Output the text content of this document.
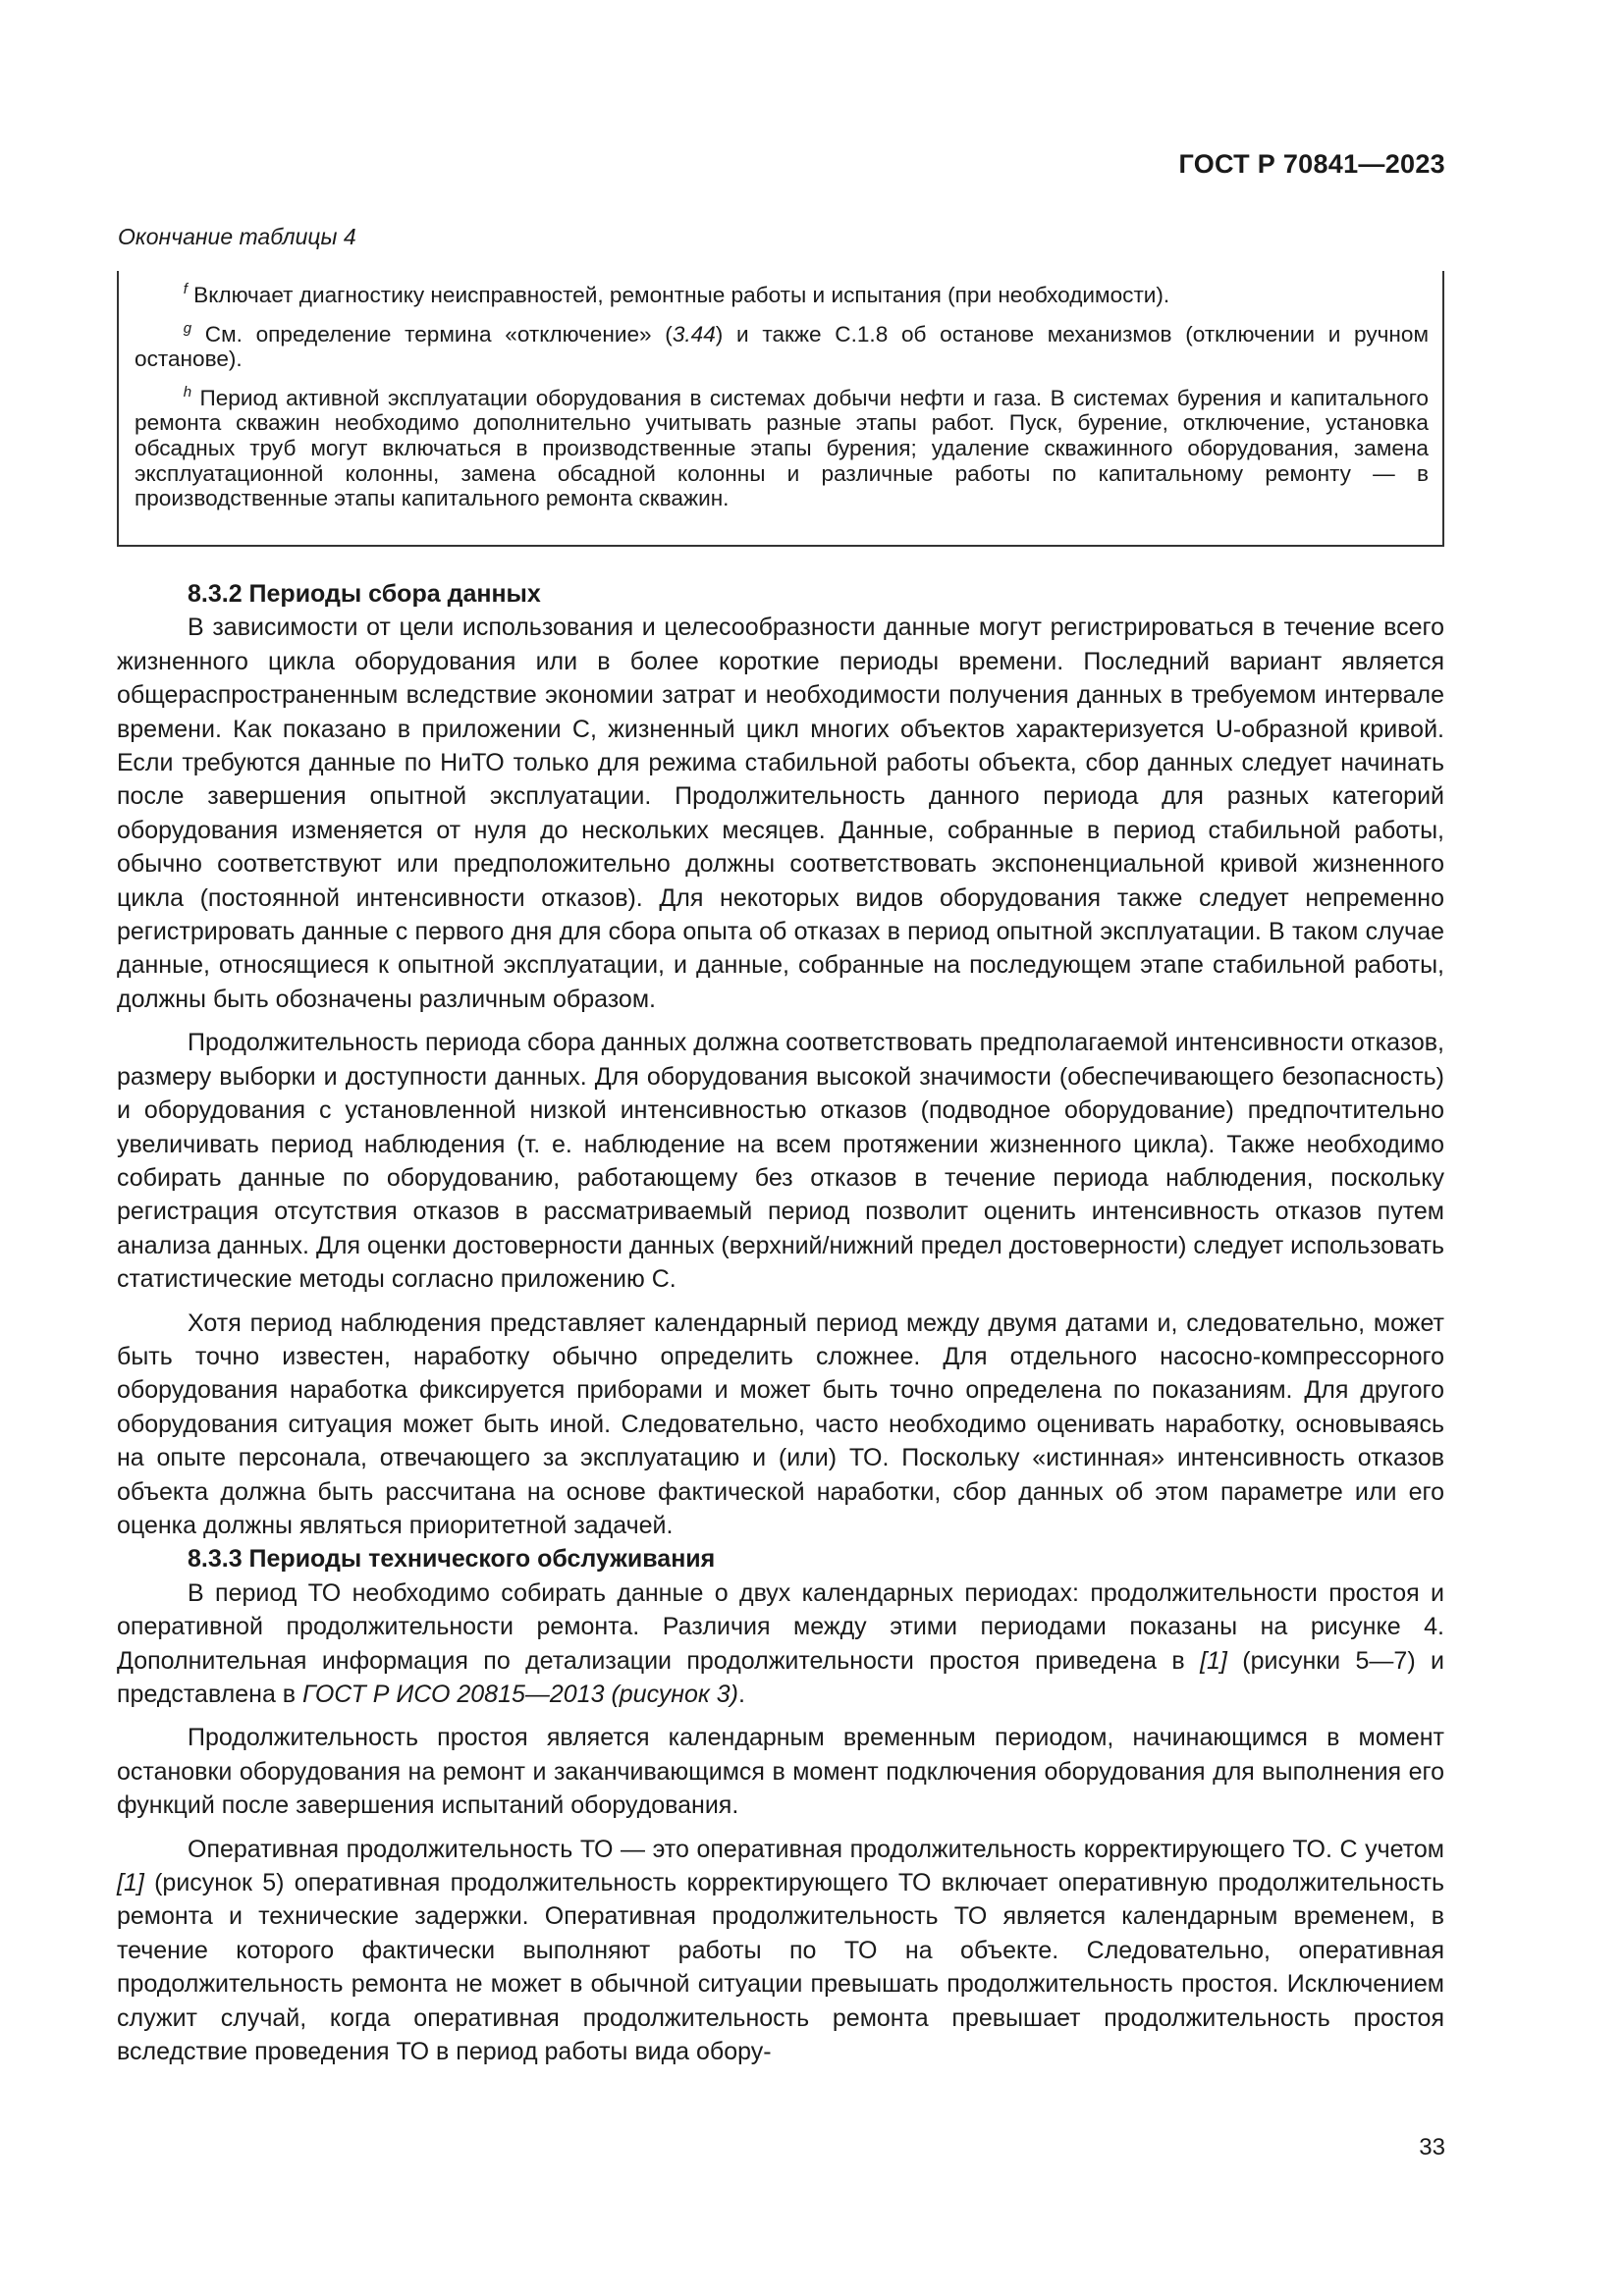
ГОСТ Р 70841—2023
Окончание таблицы 4

$^f$ Включает диагностику неисправностей, ремонтные работы и испытания (при необходимости).

$^g$ См. определение термина «отключение» (3.44) и также С.1.8 об останове механизмов (отключении и ручном останове).

$^h$ Период активной эксплуатации оборудования в системах добычи нефти и газа. В системах бурения и капитального ремонта скважин необходимо дополнительно учитывать разные этапы работ. Пуск, бурение, отключение, установка обсадных труб могут включаться в производственные этапы бурения; удаление скважинного оборудования, замена эксплуатационной колонны, замена обсадной колонны и различные работы по капитальному ремонту — в производственные этапы капитального ремонта скважин.

8.3.2 Периоды сбора данных

В зависимости от цели использования и целесообразности данные могут регистрироваться в течение всего жизненного цикла оборудования или в более короткие периоды времени. Последний вариант является общераспространенным вследствие экономии затрат и необходимости получения данных в требуемом интервале времени. Как показано в приложении С, жизненный цикл многих объектов характеризуется U-образной кривой. Если требуются данные по НиТО только для режима стабильной работы объекта, сбор данных следует начинать после завершения опытной эксплуатации. Продолжительность данного периода для разных категорий оборудования изменяется от нуля до нескольких месяцев. Данные, собранные в период стабильной работы, обычно соответствуют или предположительно должны соответствовать экспоненциальной кривой жизненного цикла (постоянной интенсивности отказов). Для некоторых видов оборудования также следует непременно регистрировать данные с первого дня для сбора опыта об отказах в период опытной эксплуатации. В таком случае данные, относящиеся к опытной эксплуатации, и данные, собранные на последующем этапе стабильной работы, должны быть обозначены различным образом.

Продолжительность периода сбора данных должна соответствовать предполагаемой интенсивности отказов, размеру выборки и доступности данных. Для оборудования высокой значимости (обеспечивающего безопасность) и оборудования с установленной низкой интенсивностью отказов (подводное оборудование) предпочтительно увеличивать период наблюдения (т. е. наблюдение на всем протяжении жизненного цикла). Также необходимо собирать данные по оборудованию, работающему без отказов в течение периода наблюдения, поскольку регистрация отсутствия отказов в рассматриваемый период позволит оценить интенсивность отказов путем анализа данных. Для оценки достоверности данных (верхний/нижний предел достоверности) следует использовать статистические методы согласно приложению С.

Хотя период наблюдения представляет календарный период между двумя датами и, следовательно, может быть точно известен, наработку обычно определить сложнее. Для отдельного насосно-компрессорного оборудования наработка фиксируется приборами и может быть точно определена по показаниям. Для другого оборудования ситуация может быть иной. Следовательно, часто необходимо оценивать наработку, основываясь на опыте персонала, отвечающего за эксплуатацию и (или) ТО. Поскольку «истинная» интенсивность отказов объекта должна быть рассчитана на основе фактической наработки, сбор данных об этом параметре или его оценка должны являться приоритетной задачей.

8.3.3 Периоды технического обслуживания

В период ТО необходимо собирать данные о двух календарных периодах: продолжительности простоя и оперативной продолжительности ремонта. Различия между этими периодами показаны на рисунке 4. Дополнительная информация по детализации продолжительности простоя приведена в [1] (рисунки 5—7) и представлена в ГОСТ Р ИСО 20815—2013 (рисунок 3).

Продолжительность простоя является календарным временным периодом, начинающимся в момент остановки оборудования на ремонт и заканчивающимся в момент подключения оборудования для выполнения его функций после завершения испытаний оборудования.

Оперативная продолжительность ТО — это оперативная продолжительность корректирующего ТО. С учетом [1] (рисунок 5) оперативная продолжительность корректирующего ТО включает оперативную продолжительность ремонта и технические задержки. Оперативная продолжительность ТО является календарным временем, в течение которого фактически выполняют работы по ТО на объекте. Следовательно, оперативная продолжительность ремонта не может в обычной ситуации превышать продолжительность простоя. Исключением служит случай, когда оперативная продолжительность ремонта превышает продолжительность простоя вследствие проведения ТО в период работы вида обору-

33
